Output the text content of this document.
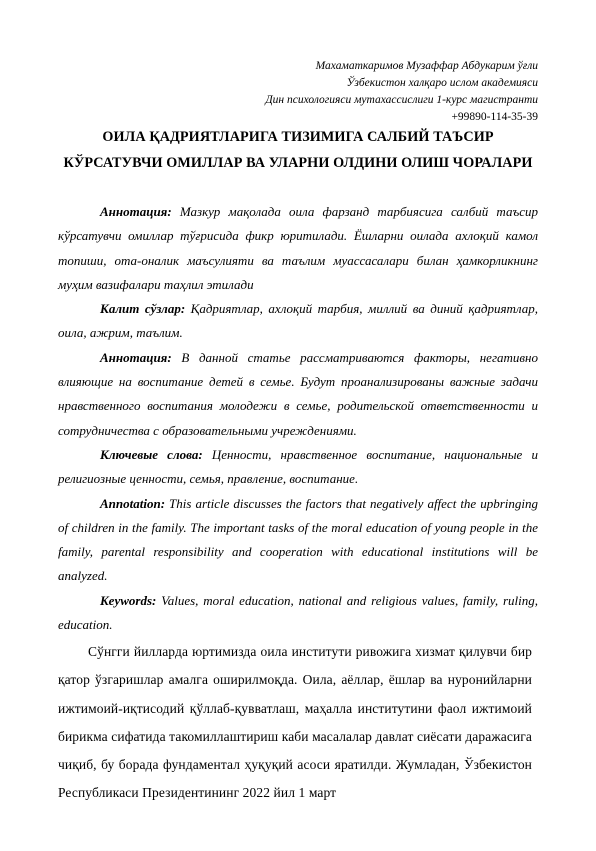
Махаматкаримов Музаффар Абдукарим ўғли
Ўзбекистон халқаро ислом академияси
Дин психологияси мутахассислиги 1-курс магистранти
+99890-114-35-39
ОИЛА ҚАДРИЯТЛАРИГА ТИЗИМИГА САЛБИЙ ТАЪСИР
КЎРСАТУВЧИ ОМИЛЛАР ВА УЛАРНИ ОЛДИНИ ОЛИШ ЧОРАЛАРИ

Аннотация: Мазкур мақолада оила фарзанд тарбиясига салбий таъсир кўрсатувчи омиллар тўғрисида фикр юритилади. Ёшларни оилада ахлоқий камол топиши, ота-оналик маъсулияти ва таълим муассасалари билан ҳамкорликнинг муҳим вазифалари таҳлил этилади

Калит сўзлар: Қадриятлар, ахлоқий тарбия, миллий ва диний қадриятлар, оила, ажрим, таълим.

Аннотация: В данной статье рассматриваются факторы, негативно влияющие на воспитание детей в семье. Будут проанализированы важные задачи нравственного воспитания молодежи в семье, родительской ответственности и сотрудничества с образовательными учреждениями.

Ключевые слова: Ценности, нравственное воспитание, национальные и религиозные ценности, семья, правление, воспитание.

Annotation: This article discusses the factors that negatively affect the upbringing of children in the family. The important tasks of the moral education of young people in the family, parental responsibility and cooperation with educational institutions will be analyzed.

Keywords: Values, moral education, national and religious values, family, ruling, education.

Сўнгги йилларда юртимизда оила институти ривожига хизмат қилувчи бир қатор ўзгаришлар амалга оширилмоқда. Оила, аёллар, ёшлар ва нуронийларни ижтимоий-иқтисодий қўллаб-қувватлаш, маҳалла институтини фаол ижтимоий бирикма сифатида такомиллаштириш каби масалалар давлат сиёсати даражасига чиқиб, бу борада фундаментал ҳуқуқий асоси яратилди. Жумладан, Ўзбекистон Республикаси Президентининг 2022 йил 1 март
